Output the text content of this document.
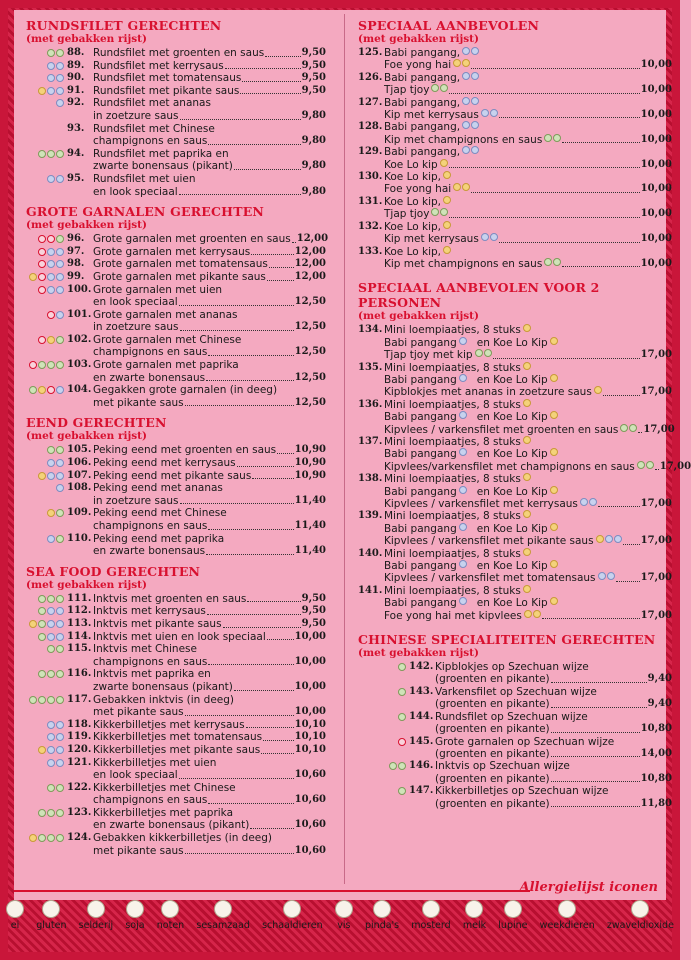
RUNDSFILET GERECHTEN
(met gebakken rijst)
88. Rundsfilet met groenten en saus	9,50
89. Rundsfilet met kerrysaus	9,50
90. Rundsfilet met tomatensaus	9,50
91. Rundsfilet met pikante saus	9,50
92. Rundsfilet met ananas
in zoetzure saus	9,80
93. Rundsfilet met Chinese
champignons en saus	9,80
94. Rundsfilet met paprika en
zwarte bonensaus (pikant)	9,80
95. Rundsfilet met uien
en look speciaal	9,80
GROTE GARNALEN GERECHTEN
(met gebakken rijst)
96. Grote garnalen met groenten en saus 12,00
97. Grote garnalen met kerrysaus	12,00
98. Grote garnalen met tomatensaus	12,00
99. Grote garnalen met pikante saus	12,00
100. Grote garnalen met uien
en look speciaal	12,50
101. Grote garnalen met ananas
in zoetzure saus	12,50
102. Grote garnalen met Chinese
champignons en saus	12,50
103. Grote garnalen met paprika
en zwarte bonensaus	12,50
104. Gegakken grote garnalen (in deeg)
met pikante saus	12,50
EEND GERECHTEN
(met gebakken rijst)
105. Peking eend met groenten en saus 10,90
106. Peking eend met kerrysaus	10,90
107. Peking eend met pikante saus	10,90
108. Peking eend met ananas
in zoetzure saus	11,40
109. Peking eend met Chinese
champignons en saus	11,40
110. Peking eend met paprika
en zwarte bonensaus	11,40
SEA FOOD GERECHTEN
(met gebakken rijst)
111. Inktvis met groenten en saus	9,50
112. Inktvis met kerrysaus	9,50
113. Inktvis met pikante saus	9,50
114. Inktvis met uien en look speciaal	10,00
115. Inktvis met Chinese
champignons en saus	10,00
116. Inktvis met paprika en
zwarte bonensaus (pikant)	10,00
117. Gebakken inktvis (in deeg)
met pikante saus	10,00
118. Kikkerbilletjes met kerrysaus	10,10
119. Kikkerbilletjes met tomatensaus	10,10
120. Kikkerbilletjes met pikante saus	10,10
121. Kikkerbilletjes met uien
en look speciaal	10,60
122. Kikkerbilletjes met Chinese
champignons en saus	10,60
123. Kikkerbilletjes met paprika
en zwarte bonensaus (pikant)	10,60
124. Gebakken kikkerbilletjes (in deeg)
met pikante saus	10,60
SPECIAAL AANBEVOLEN
(met gebakken rijst)
125. Babi pangang,
Foe yong hai	10,00
126. Babi pangang,
Tjap tjoy	10,00
127. Babi pangang,
Kip met kerrysaus	10,00
128. Babi pangang,
Kip met champignons en saus	10,00
129. Babi pangang,
Koe Lo kip	10,00
130. Koe Lo kip,
Foe yong hai	10,00
131. Koe Lo kip,
Tjap tjoy	10,00
132. Koe Lo kip,
Kip met kerrysaus	10,00
133. Koe Lo kip,
Kip met champignons en saus	10,00
SPECIAAL AANBEVOLEN VOOR 2 PERSONEN
(met gebakken rijst)
134. Mini loempiaatjes, 8 stuks
Babi pangang en Koe Lo Kip
Tjap tjoy met kip	17,00
135. Mini loempiaatjes, 8 stuks
Babi pangang en Koe Lo Kip
Kipblokjes met ananas in zoetzure saus	17,00
136. Mini loempiaatjes, 8 stuks
Babi pangang en Koe Lo Kip
Kipvlees / varkensfilet met groenten en saus	17,00
137. Mini loempiaatjes, 8 stuks
Babi pangang en Koe Lo Kip
Kipvlees/varkensfilet met champignons en saus	17,00
138. Mini loempiaatjes, 8 stuks
Babi pangang en Koe Lo Kip
Kipvlees / varkensfilet met kerrysaus	17,00
139. Mini loempiaatjes, 8 stuks
Babi pangang en Koe Lo Kip
Kipvlees / varkensfilet met pikante saus	17,00
140. Mini loempiaatjes, 8 stuks
Babi pangang en Koe Lo Kip
Kipvlees / varkensfilet met tomatensaus	17,00
141. Mini loempiaatjes, 8 stuks
Babi pangang en Koe Lo Kip
Foe yong hai met kipvlees	17,00
CHINESE SPECIALITEITEN GERECHTEN
(met gebakken rijst)
142. Kipblokjes op Szechuan wijze
(groenten en pikante)	9,40
143. Varkensfilet op Szechuan wijze
(groenten en pikante)	9,40
144. Rundsfilet op Szechuan wijze
(groenten en pikante)	10,80
145. Grote garnalen op Szechuan wijze
(groenten en pikante)	14,00
146. Inktvis op Szechuan wijze
(groenten en pikante)	10,80
147. Kikkerbilletjes op Szechuan wijze
(groenten en pikante)	11,80
Allergielijst iconen
ei gluten selderij soja noten sesamzaad schaaldieren vis pinda's mosterd melk lupine weekdieren zwaveldioxide
